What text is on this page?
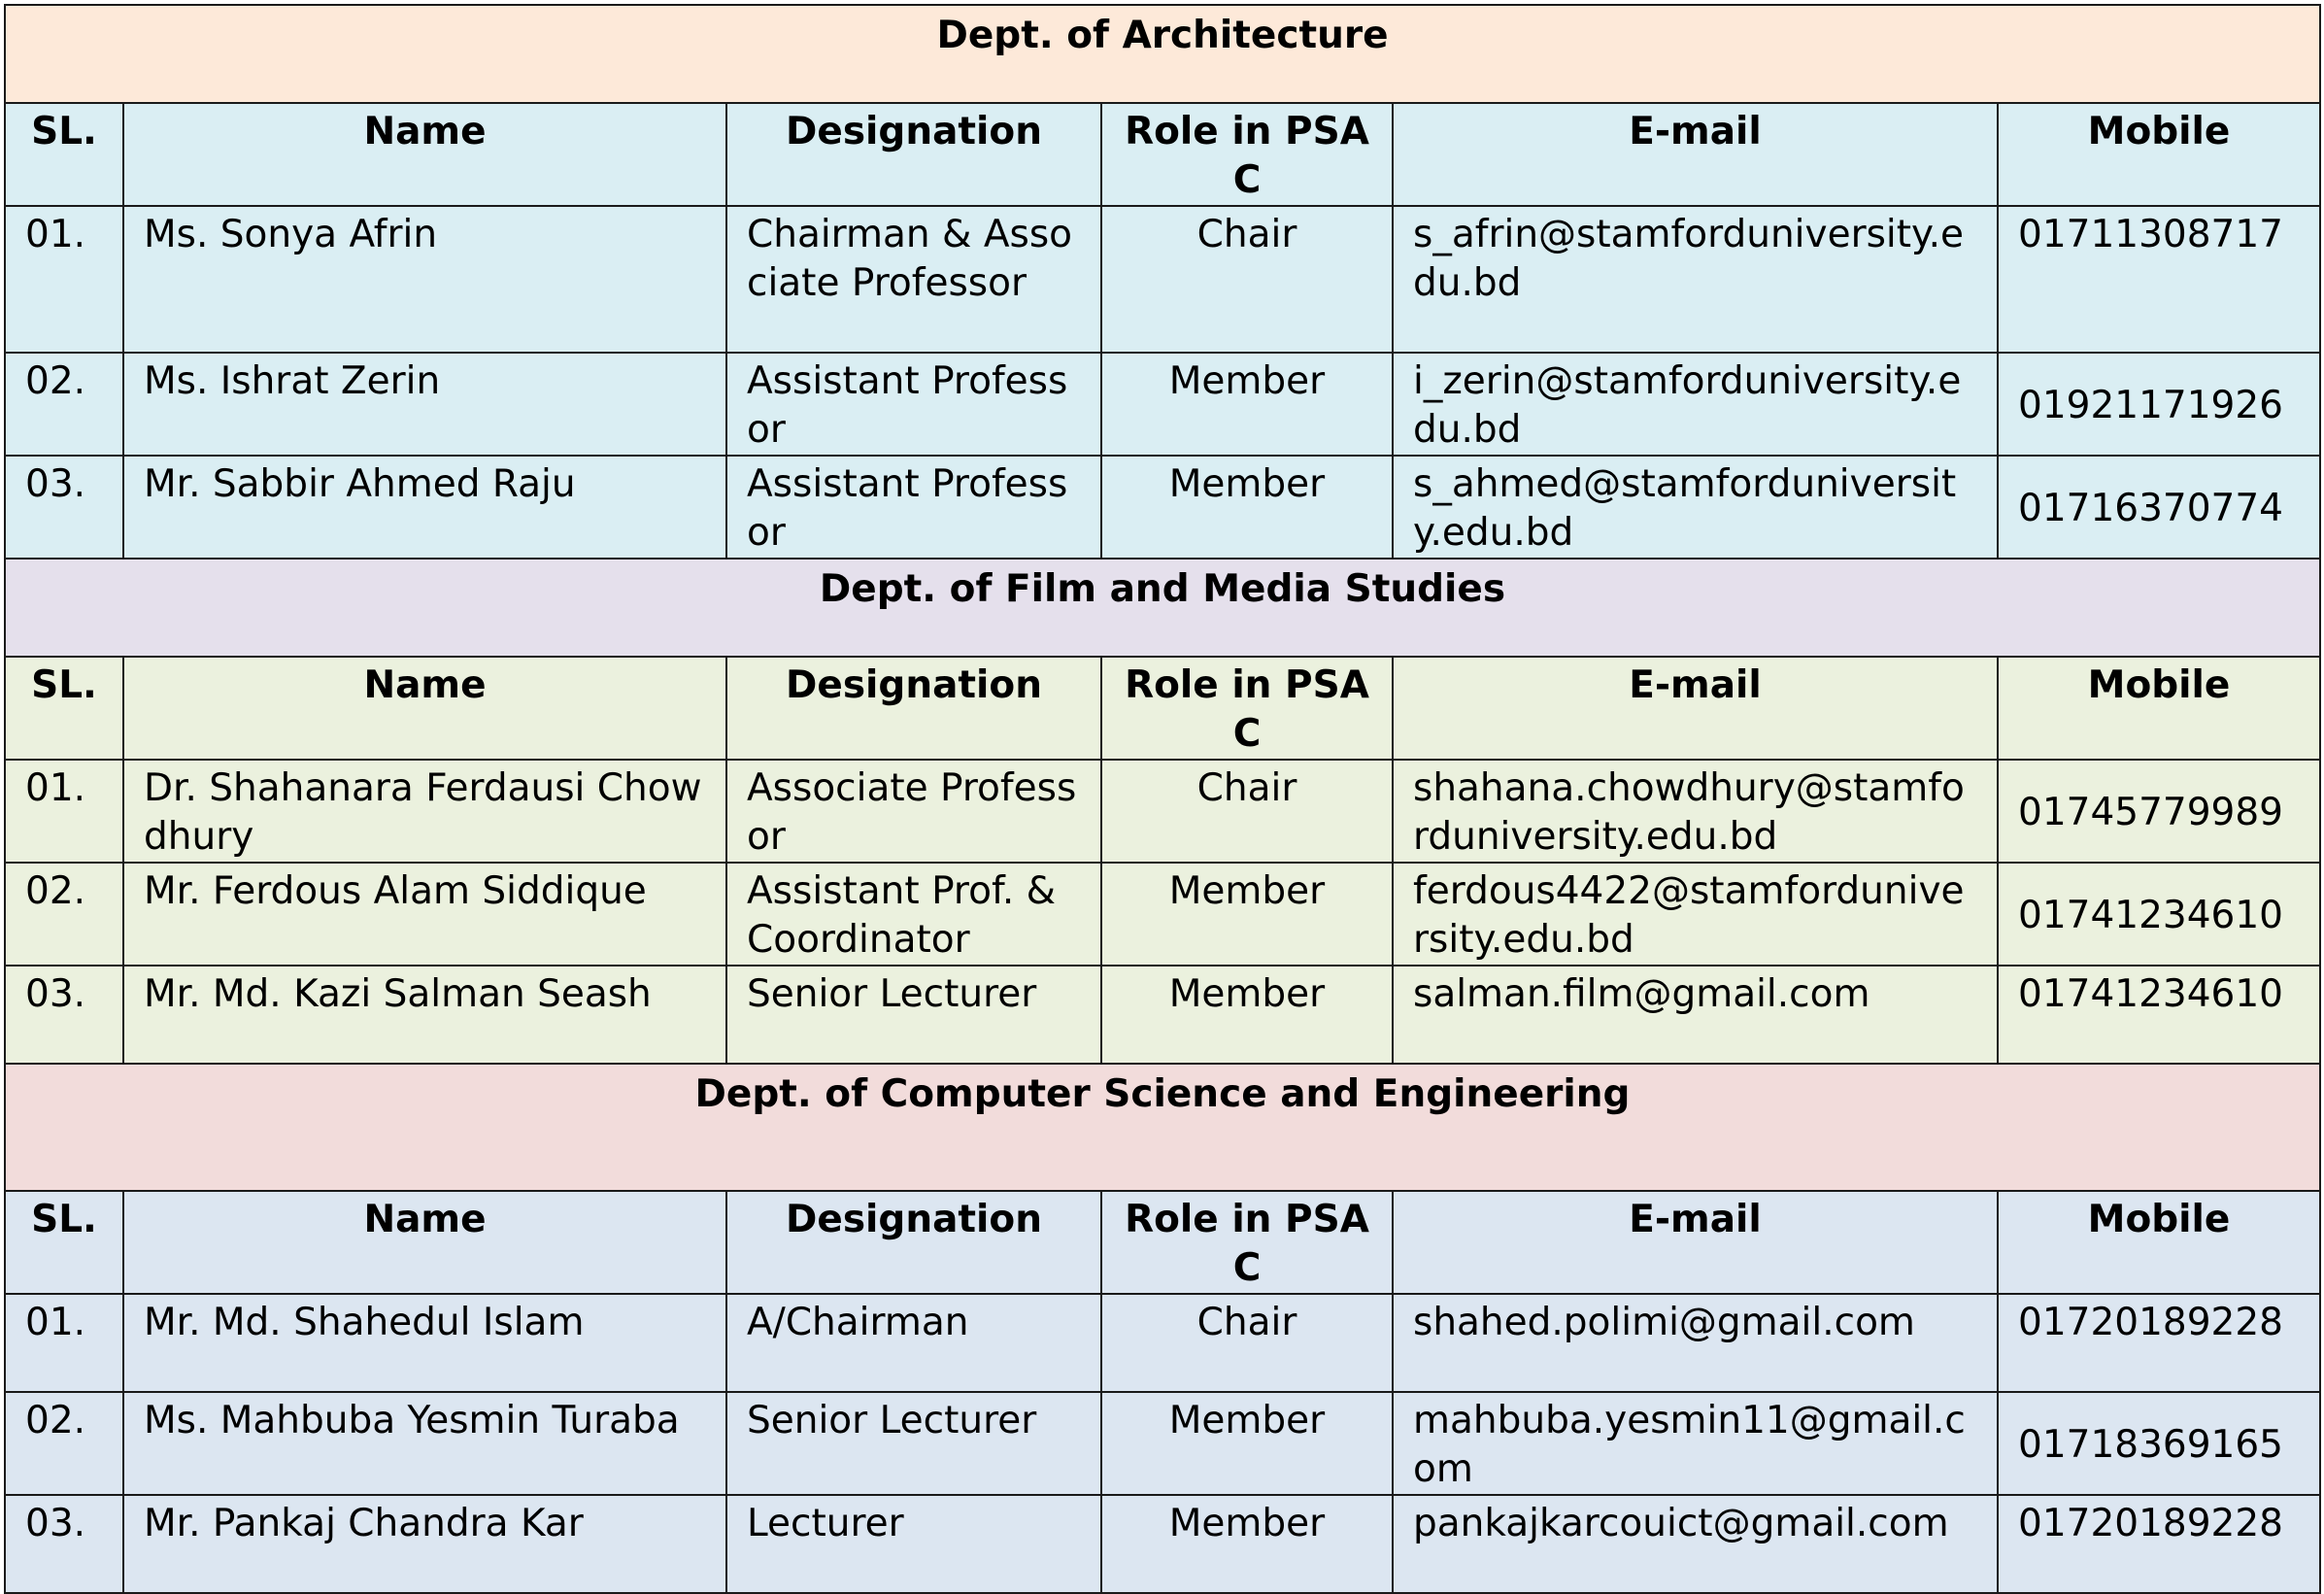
Dept. of Architecture					
SL.	Name	Designation	Role in PSAC	E-mail	Mobile
01.	Ms. Sonya Afrin	Chairman & Associate Professor	Chair	s_afrin@stamforduniversity.edu.bd	01711308717
02.	Ms. Ishrat Zerin	Assistant Professor	Member	i_zerin@stamforduniversity.edu.bd	01921171926
03.	Mr. Sabbir Ahmed Raju	Assistant Professor	Member	s_ahmed@stamforduniversity.edu.bd	01716370774
Dept. of Film and Media Studies					
SL.	Name	Designation	Role in PSAC	E-mail	Mobile
01.	Dr. Shahanara Ferdausi Chowdhury	Associate Professor	Chair	shahana.chowdhury@stamforduniversity.edu.bd	01745779989
02.	Mr. Ferdous Alam Siddique	Assistant Prof. & Coordinator	Member	ferdous4422@stamforduniversity.edu.bd	01741234610
03.	Mr. Md. Kazi Salman Seash	Senior Lecturer	Member	salman.film@gmail.com	01741234610
Dept. of Computer Science and Engineering					
SL.	Name	Designation	Role in PSAC	E-mail	Mobile
01.	Mr. Md. Shahedul Islam	A/Chairman	Chair	shahed.polimi@gmail.com	01720189228
02.	Ms. Mahbuba Yesmin Turaba	Senior Lecturer	Member	mahbuba.yesmin11@gmail.com	01718369165
03.	Mr. Pankaj Chandra Kar	Lecturer	Member	pankajkarcouict@gmail.com	01720189228
